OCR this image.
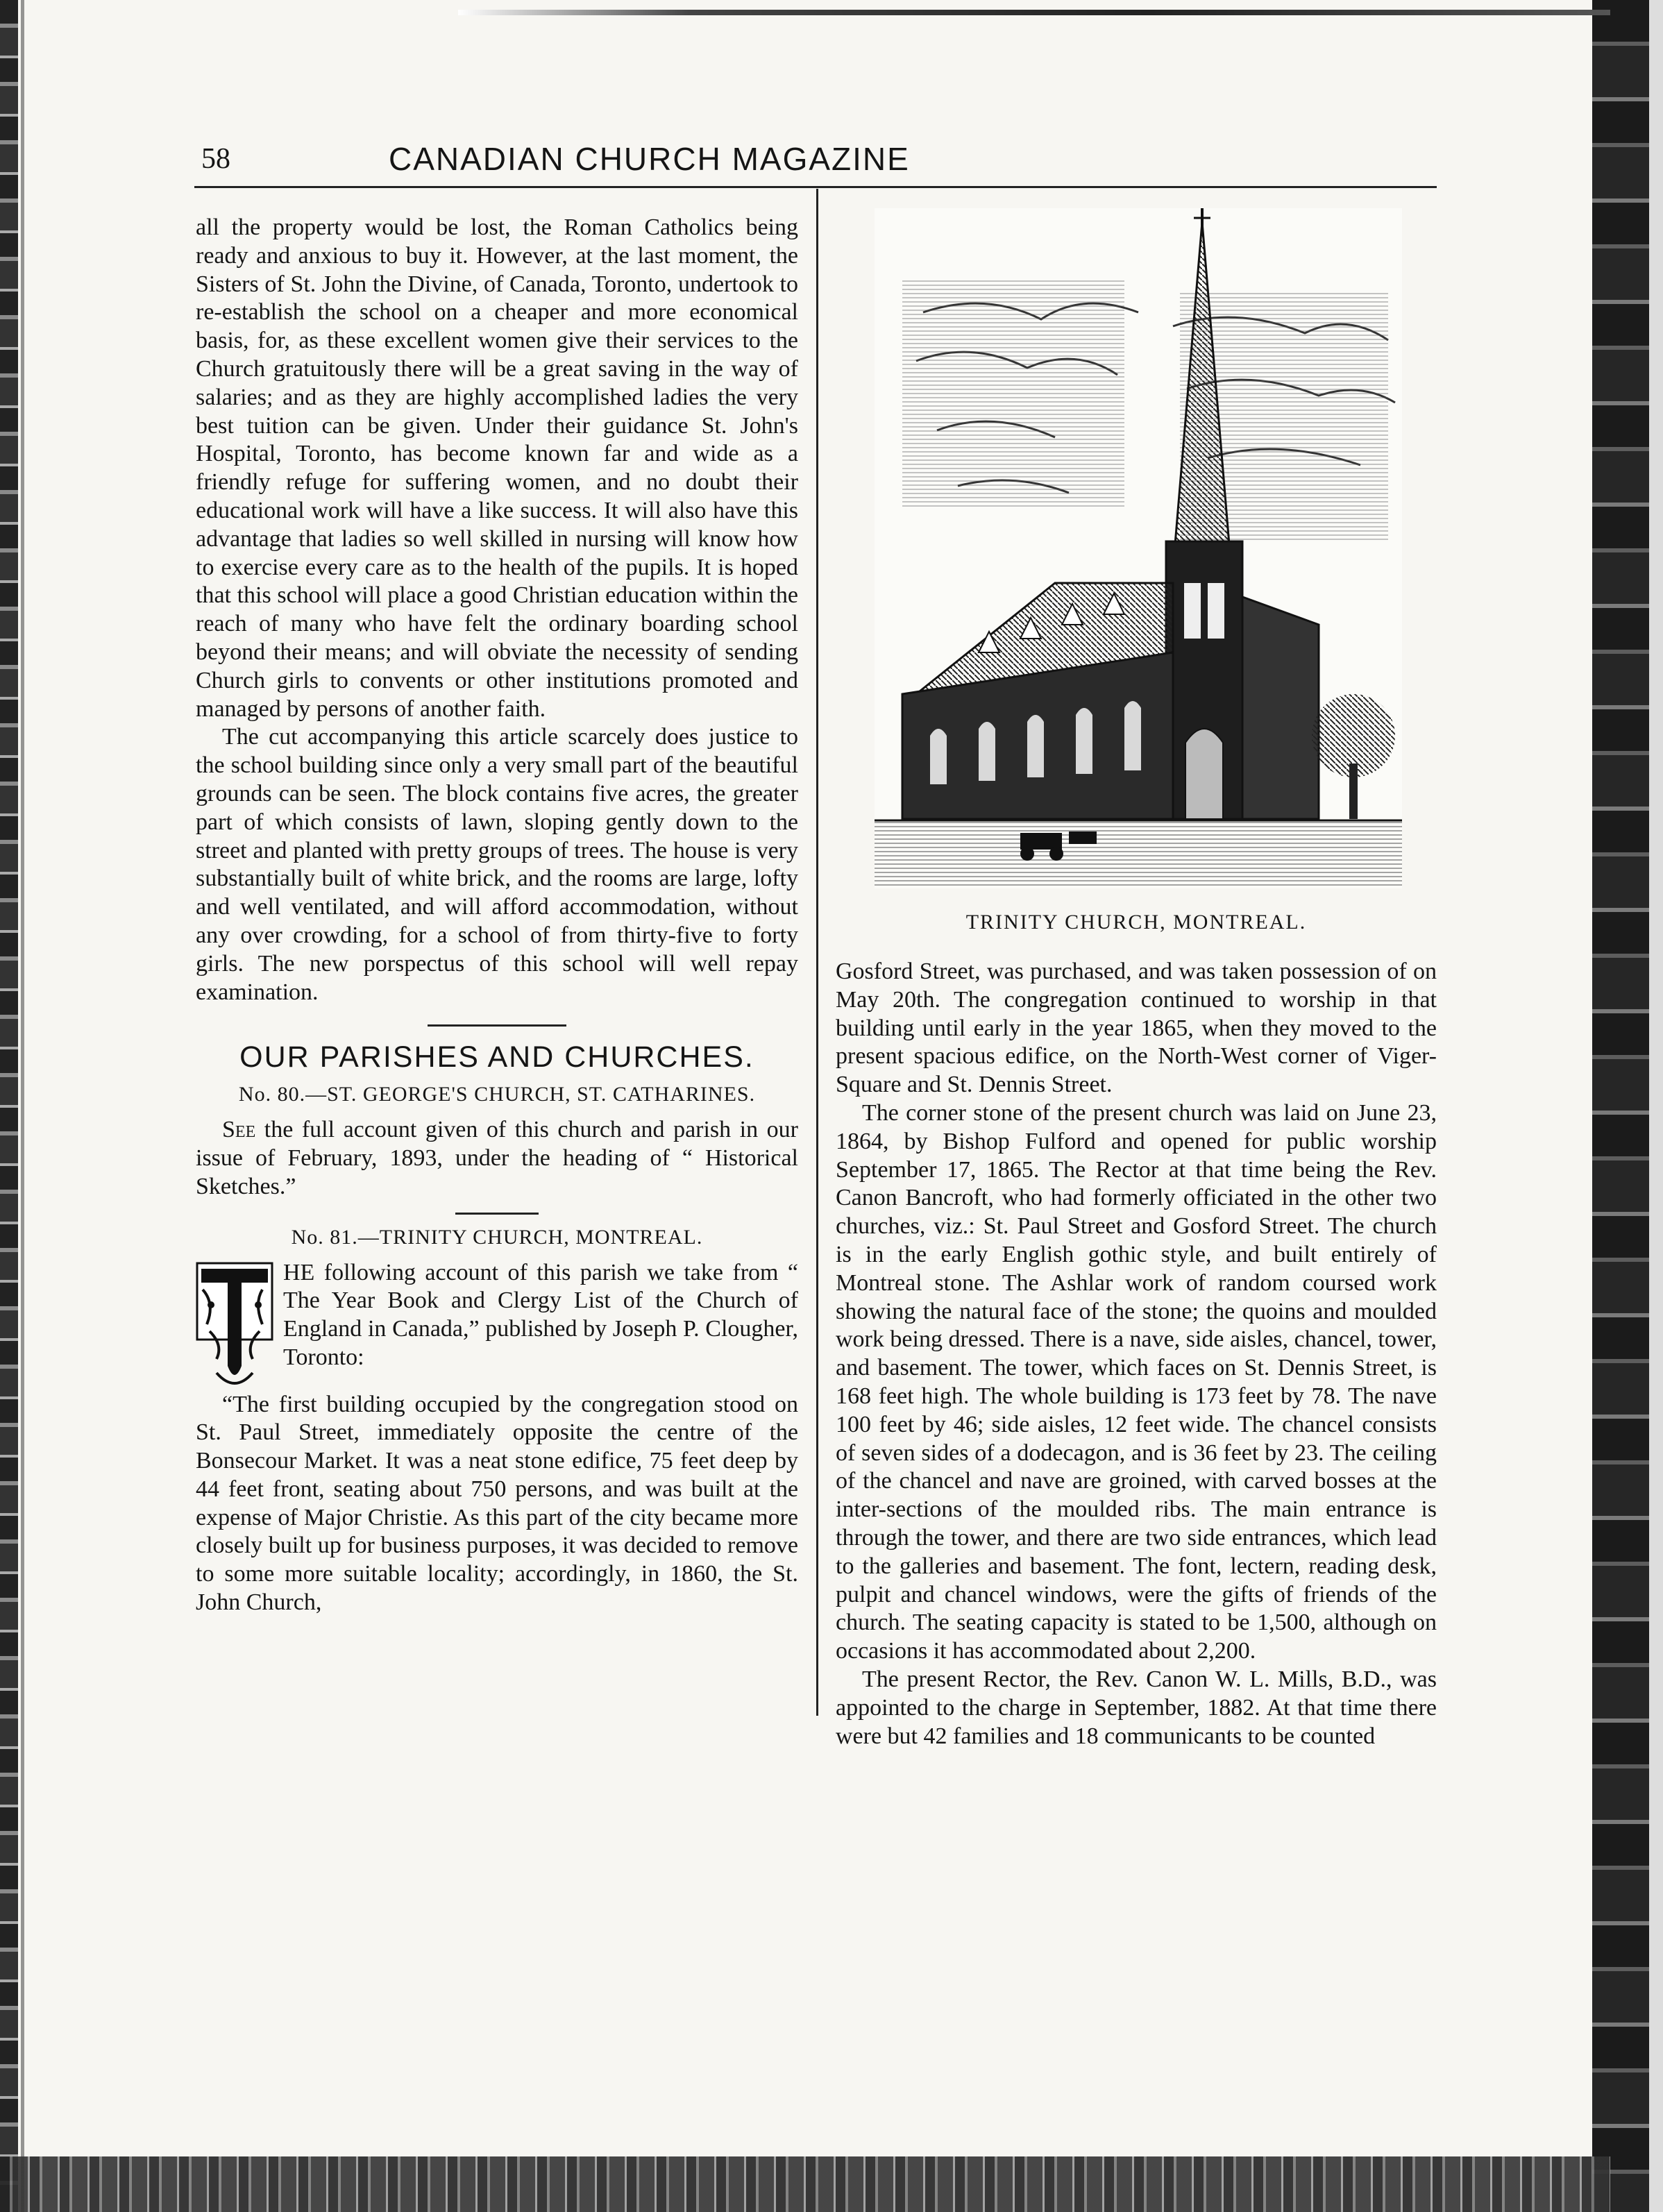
58	CANADIAN CHURCH MAGAZINE

all the property would be lost, the Roman Catholics being ready and anxious to buy it. However, at the last moment, the Sisters of St. John the Divine, of Canada, Toronto, undertook to re-establish the school on a cheaper and more economical basis, for, as these excellent women give their services to the Church gratuitously there will be a great saving in the way of salaries; and as they are highly accomplished ladies the very best tuition can be given. Under their guidance St. John's Hospital, Toronto, has become known far and wide as a friendly refuge for suffering women, and no doubt their educational work will have a like success. It will also have this advantage that ladies so well skilled in nursing will know how to exercise every care as to the health of the pupils. It is hoped that this school will place a good Christian education within the reach of many who have felt the ordinary boarding school beyond their means; and will obviate the necessity of sending Church girls to convents or other institutions promoted and managed by persons of another faith.

The cut accompanying this article scarcely does justice to the school building since only a very small part of the beautiful grounds can be seen. The block contains five acres, the greater part of which consists of lawn, sloping gently down to the street and planted with pretty groups of trees. The house is very substantially built of white brick, and the rooms are large, lofty and well ventilated, and will afford accommodation, without any over crowding, for a school of from thirty-five to forty girls. The new porspectus of this school will well repay examination.

OUR PARISHES AND CHURCHES.
No. 80.—ST. GEORGE'S CHURCH, ST. CATHARINES.

See the full account given of this church and parish in our issue of February, 1893, under the heading of “ Historical Sketches.”

No. 81.—TRINITY CHURCH, MONTREAL.

HE following account of this parish we take from “ The Year Book and Clergy List of the Church of England in Canada,” published by Joseph P. Clougher, Toronto:

“The first building occupied by the congregation stood on St. Paul Street, immediately opposite the centre of the Bonsecour Market. It was a neat stone edifice, 75 feet deep by 44 feet front, seating about 750 persons, and was built at the expense of Major Christie. As this part of the city became more closely built up for business purposes, it was decided to remove to some more suitable locality; accordingly, in 1860, the St. John Church,

TRINITY CHURCH, MONTREAL.

Gosford Street, was purchased, and was taken possession of on May 20th. The congregation continued to worship in that building until early in the year 1865, when they moved to the present spacious edifice, on the North-West corner of Viger-Square and St. Dennis Street.

The corner stone of the present church was laid on June 23, 1864, by Bishop Fulford and opened for public worship September 17, 1865. The Rector at that time being the Rev. Canon Bancroft, who had formerly officiated in the other two churches, viz.: St. Paul Street and Gosford Street. The church is in the early English gothic style, and built entirely of Montreal stone. The Ashlar work of random coursed work showing the natural face of the stone; the quoins and moulded work being dressed. There is a nave, side aisles, chancel, tower, and basement. The tower, which faces on St. Dennis Street, is 168 feet high. The whole building is 173 feet by 78. The nave 100 feet by 46; side aisles, 12 feet wide. The chancel consists of seven sides of a dodecagon, and is 36 feet by 23. The ceiling of the chancel and nave are groined, with carved bosses at the inter-sections of the moulded ribs. The main entrance is through the tower, and there are two side entrances, which lead to the galleries and basement. The font, lectern, reading desk, pulpit and chancel windows, were the gifts of friends of the church. The seating capacity is stated to be 1,500, although on occasions it has accommodated about 2,200.

The present Rector, the Rev. Canon W. L. Mills, B.D., was appointed to the charge in September, 1882. At that time there were but 42 families and 18 communicants to be counted
